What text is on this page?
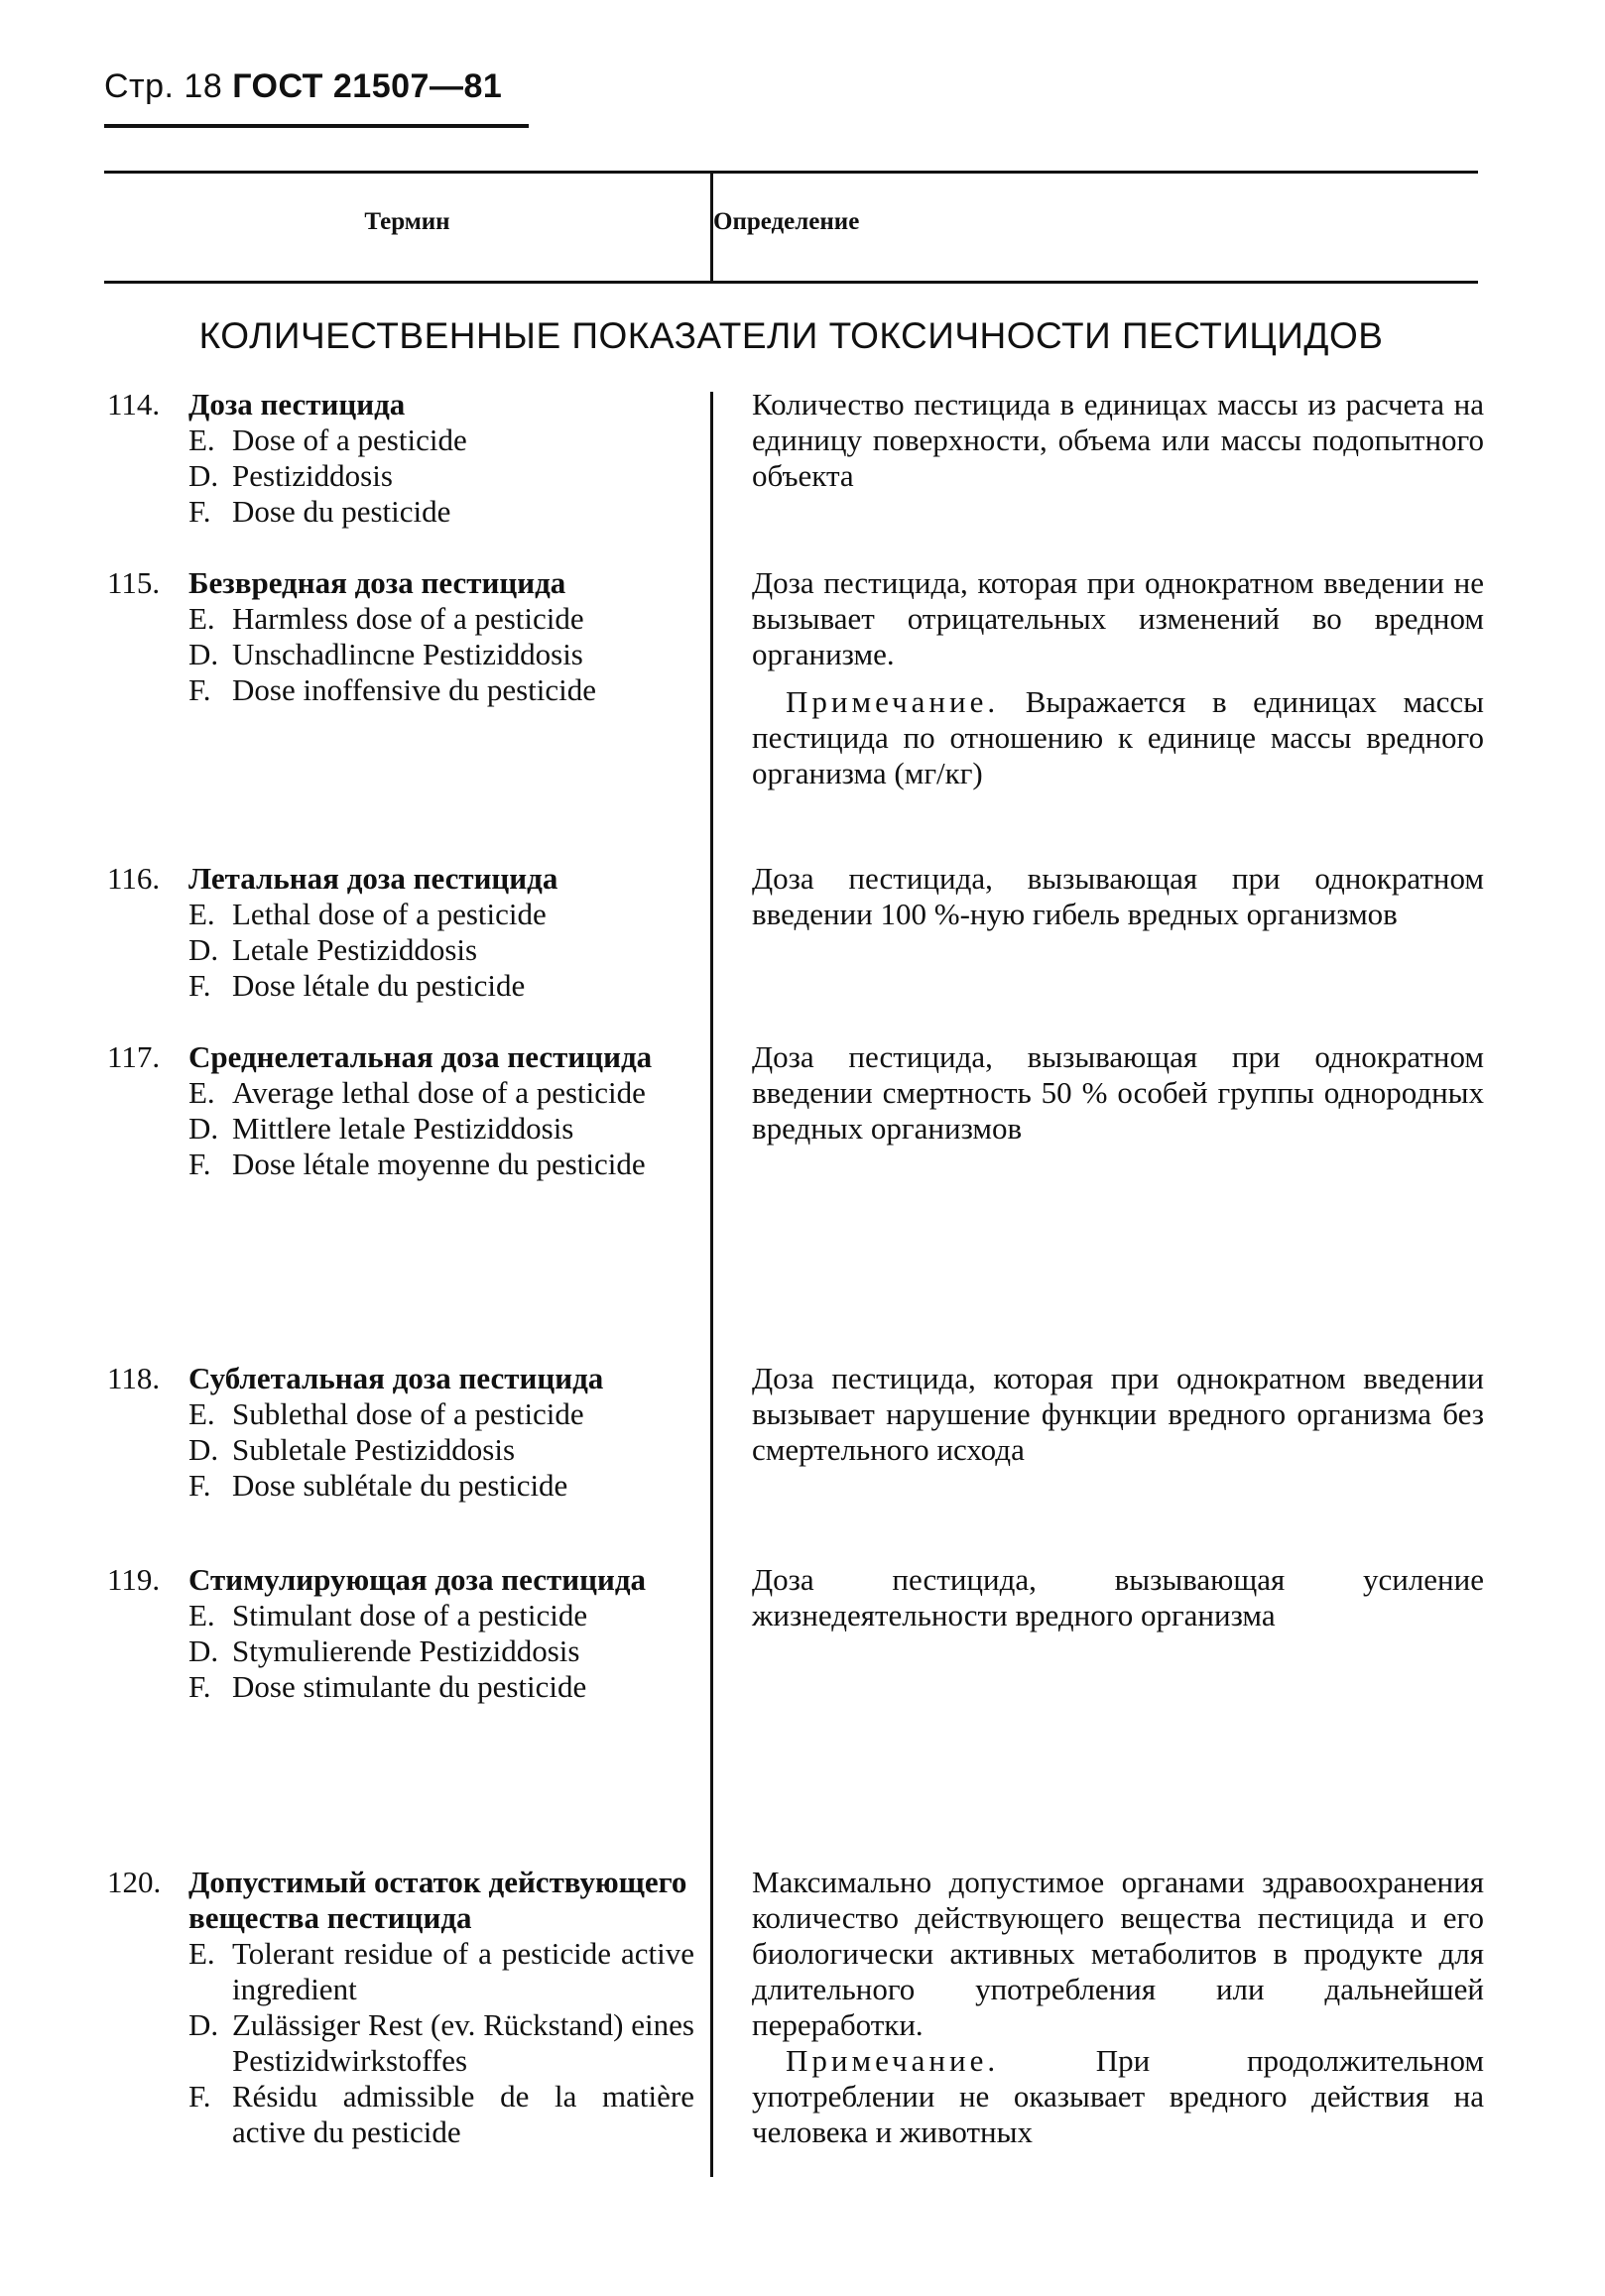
Стр. 18 ГОСТ 21507—81
Термин	Определение
КОЛИЧЕСТВЕННЫЕ ПОКАЗАТЕЛИ ТОКСИЧНОСТИ ПЕСТИЦИДОВ
114. Доза пестицида
E. Dose of a pesticide
D. Pestiziddosis
F. Dose du pesticide
115. Безвредная доза пестицида
E. Harmless dose of a pesticide
D. Unschadlincne Pestiziddosis
F. Dose inoffensive du pesticide
116. Летальная доза пестицида
E. Lethal dose of a pesticide
D. Letale Pestiziddosis
F. Dose létale du pesticide
117. Среднелетальная доза пестицида
E. Average lethal dose of a pesticide
D. Mittlere letale Pestiziddosis
F. Dose létale moyenne du pesticide
118. Сублетальная доза пестицида
E. Sublethal dose of a pesticide
D. Subletale Pestiziddosis
F. Dose sublétale du pesticide
119. Стимулирующая доза пестицида
E. Stimulant dose of a pesticide
D. Stymulierende Pestiziddosis
F. Dose stimulante du pesticide
120. Допустимый остаток действующего вещества пестицида
E. Tolerant residue of a pesticide active ingredient
D. Zulässiger Rest (ev. Rückstand) eines Pestizidwirkstoffes
F. Résidu admissible de la matière active du pesticide
Количество пестицида в единицах массы из расчета на единицу поверхности, объема или массы подопытного объекта
Доза пестицида, которая при однократном введении не вызывает отрицательных изменений во вредном организме.
Примечание. Выражается в единицах массы пестицида по отношению к единице массы вредного организма (мг/кг)
Доза пестицида, вызывающая при однократном введении 100 %-ную гибель вредных организмов
Доза пестицида, вызывающая при однократном введении смертность 50 % особей группы однородных вредных организмов
Доза пестицида, которая при однократном введении вызывает нарушение функции вредного организма без смертельного исхода
Доза пестицида, вызывающая усиление жизнедеятельности вредного организма
Максимально допустимое органами здравоохранения количество действующего вещества пестицида и его биологически активных метаболитов в продукте для длительного употребления или дальнейшей переработки.
Примечание.	При продолжительном употреблении не оказывает вредного действия на человека и животных
